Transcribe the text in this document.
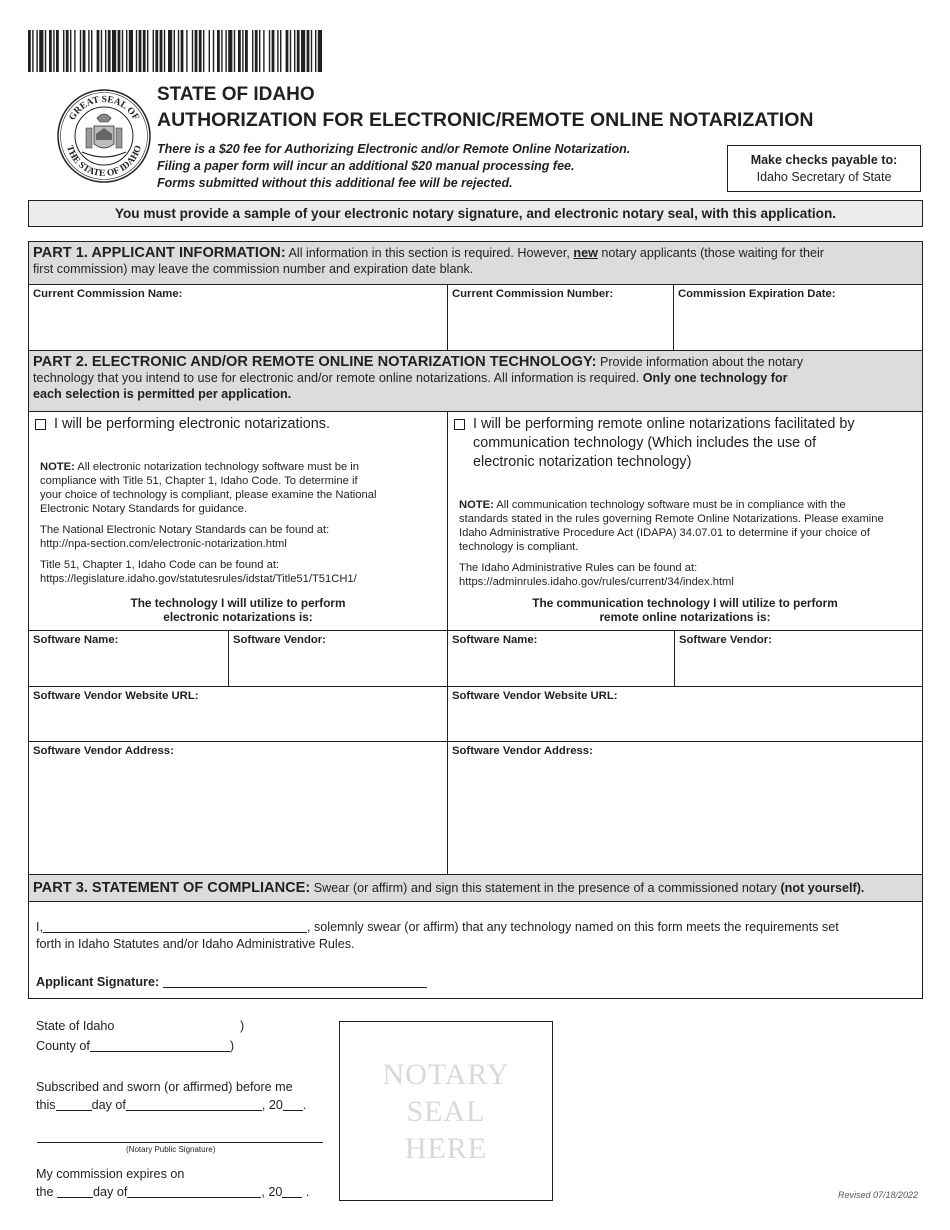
GREAT SEAL OF
THE STATE OF IDAHO
STATE OF IDAHO
AUTHORIZATION FOR ELECTRONIC/REMOTE ONLINE NOTARIZATION
There is a $20 fee for Authorizing Electronic and/or Remote Online Notarization.
Filing a paper form will incur an additional $20 manual processing fee.
Forms submitted without this additional fee will be rejected.
Make checks payable to:
Idaho Secretary of State
You must provide a sample of your electronic notary signature, and electronic notary seal, with this application.
PART 1. APPLICANT INFORMATION: All information in this section is required. However, new notary applicants (those waiting for their
first commission) may leave the commission number and expiration date blank.
Current Commission Name:	Current Commission Number:	Commission Expiration Date:
PART 2. ELECTRONIC AND/OR REMOTE ONLINE NOTARIZATION TECHNOLOGY: Provide information about the notary
technology that you intend to use for electronic and/or remote online notarizations. All information is required. Only one technology for
each selection is permitted per application.
I will be performing electronic notarizations.
NOTE: All electronic notarization technology software must be in
compliance with Title 51, Chapter 1, Idaho Code. To determine if
your choice of technology is compliant, please examine the National
Electronic Notary Standards for guidance.
The National Electronic Notary Standards can be found at:
http://npa-section.com/electronic-notarization.html
Title 51, Chapter 1, Idaho Code can be found at:
https://legislature.idaho.gov/statutesrules/idstat/Title51/T51CH1/
The technology I will utilize to perform
electronic notarizations is:
I will be performing remote online notarizations facilitated by
communication technology (Which includes the use of
electronic notarization technology)
NOTE: All communication technology software must be in compliance with the
standards stated in the rules governing Remote Online Notarizations. Please examine
Idaho Administrative Procedure Act (IDAPA) 34.07.01 to determine if your choice of
technology is compliant.
The Idaho Administrative Rules can be found at:
https://adminrules.idaho.gov/rules/current/34/index.html
The communication technology I will utilize to perform
remote online notarizations is:
Software Name:	Software Vendor:
Software Vendor Website URL:
Software Vendor Address:
Software Name:	Software Vendor:
Software Vendor Website URL:
Software Vendor Address:
PART 3. STATEMENT OF COMPLIANCE: Swear (or affirm) and sign this statement in the presence of a commissioned notary (not yourself).
I,	, solemnly swear (or affirm) that any technology named on this form meets the requirements set
forth in Idaho Statutes and/or Idaho Administrative Rules.
Applicant Signature:
State of Idaho	)
County of	)
Subscribed and sworn (or affirmed) before me
this	day of	, 20 .
(Notary Public Signature)
My commission expires on
the	day of	, 20 .
NOTARY
SEAL
HERE
Revised 07/18/2022
